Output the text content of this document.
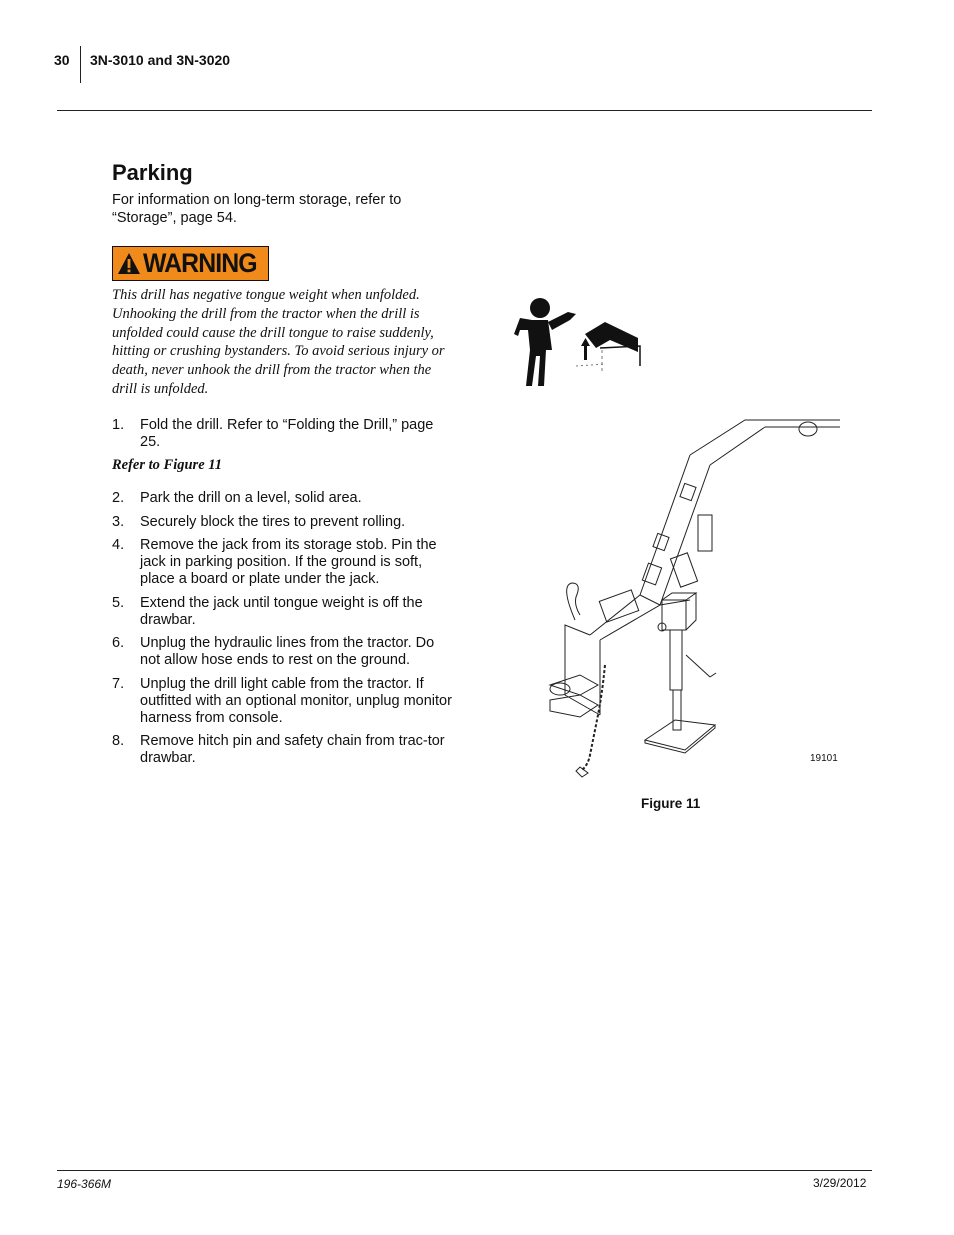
30 3N-3010 and 3N-3020
Parking
For information on long-term storage, refer to “Storage”, page 54.
WARNING
This drill has negative tongue weight when unfolded. Unhooking the drill from the tractor when the drill is unfolded could cause the drill tongue to raise suddenly, hitting or crushing bystanders. To avoid serious injury or death, never unhook the drill from the tractor when the drill is unfolded.
1.	Fold the drill. Refer to “Folding the Drill,” page 25.
Refer to Figure 11
2.	Park the drill on a level, solid area.
3.	Securely block the tires to prevent rolling.
4.	Remove the jack from its storage stob. Pin the jack in parking position. If the ground is soft, place a board or plate under the jack.
5.	Extend the jack until tongue weight is off the drawbar.
6.	Unplug the hydraulic lines from the tractor. Do not allow hose ends to rest on the ground.
7.	Unplug the drill light cable from the tractor. If outfitted with an optional monitor, unplug monitor harness from console.
8.	Remove hitch pin and safety chain from trac-tor drawbar.	19101
Figure 11
196-366M	3/29/2012
